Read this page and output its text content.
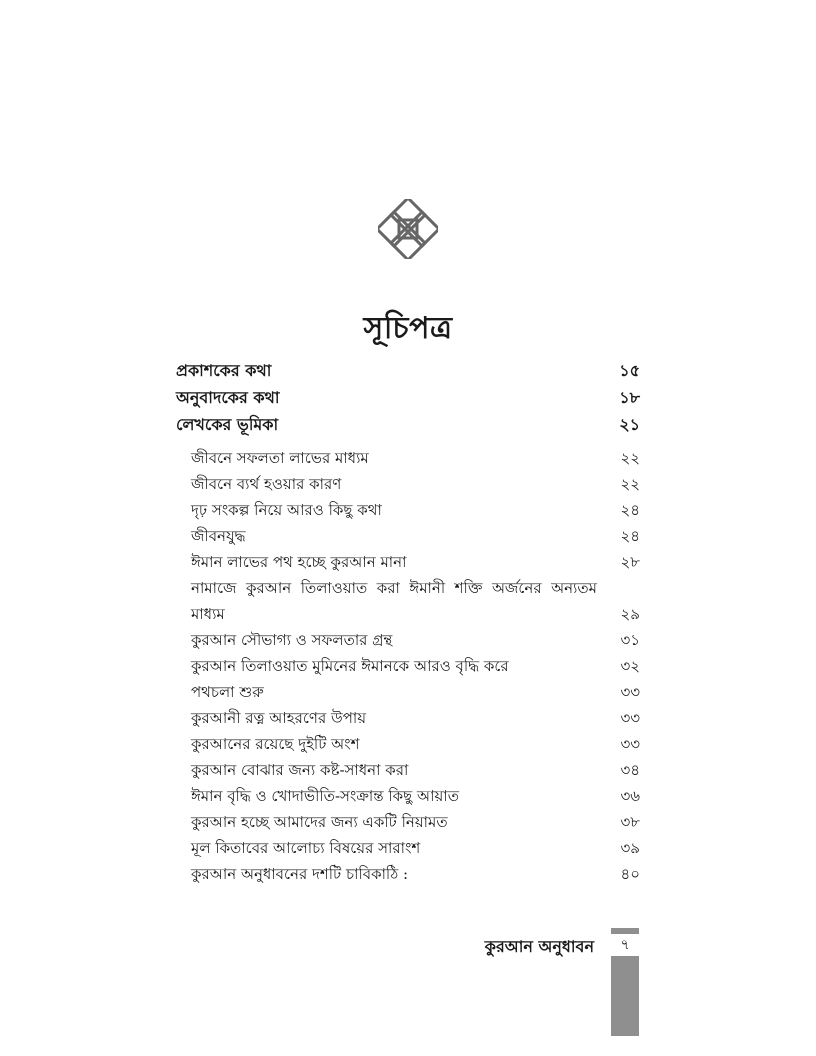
সূচিপত্র
প্রকাশকের কথা	১৫
অনুবাদকের কথা	১৮
লেখকের ভূমিকা	২১
জীবনে সফলতা লাভের মাধ্যম	২২
জীবনে ব্যর্থ হওয়ার কারণ	২২
দৃঢ় সংকল্প নিয়ে আরও কিছু কথা	২৪
জীবনযুদ্ধ	২৪
ঈমান লাভের পথ হচ্ছে কুরআন মানা	২৮
নামাজে কুরআন তিলাওয়াত করা ঈমানী শক্তি অর্জনের অন্যতম
মাধ্যম	২৯
কুরআন সৌভাগ্য ও সফলতার গ্রন্থ	৩১
কুরআন তিলাওয়াত মুমিনের ঈমানকে আরও বৃদ্ধি করে	৩২
পথচলা শুরু	৩৩
কুরআনী রত্ন আহরণের উপায়	৩৩
কুরআনের রয়েছে দুইটি অংশ	৩৩
কুরআন বোঝার জন্য কষ্ট-সাধনা করা	৩৪
ঈমান বৃদ্ধি ও খোদাভীতি-সংক্রান্ত কিছু আয়াত	৩৬
কুরআন হচ্ছে আমাদের জন্য একটি নিয়ামত	৩৮
মূল কিতাবের আলোচ্য বিষয়ের সারাংশ	৩৯
কুরআন অনুধাবনের দশটি চাবিকাঠি :	৪০
কুরআন অনুধাবন	৭
